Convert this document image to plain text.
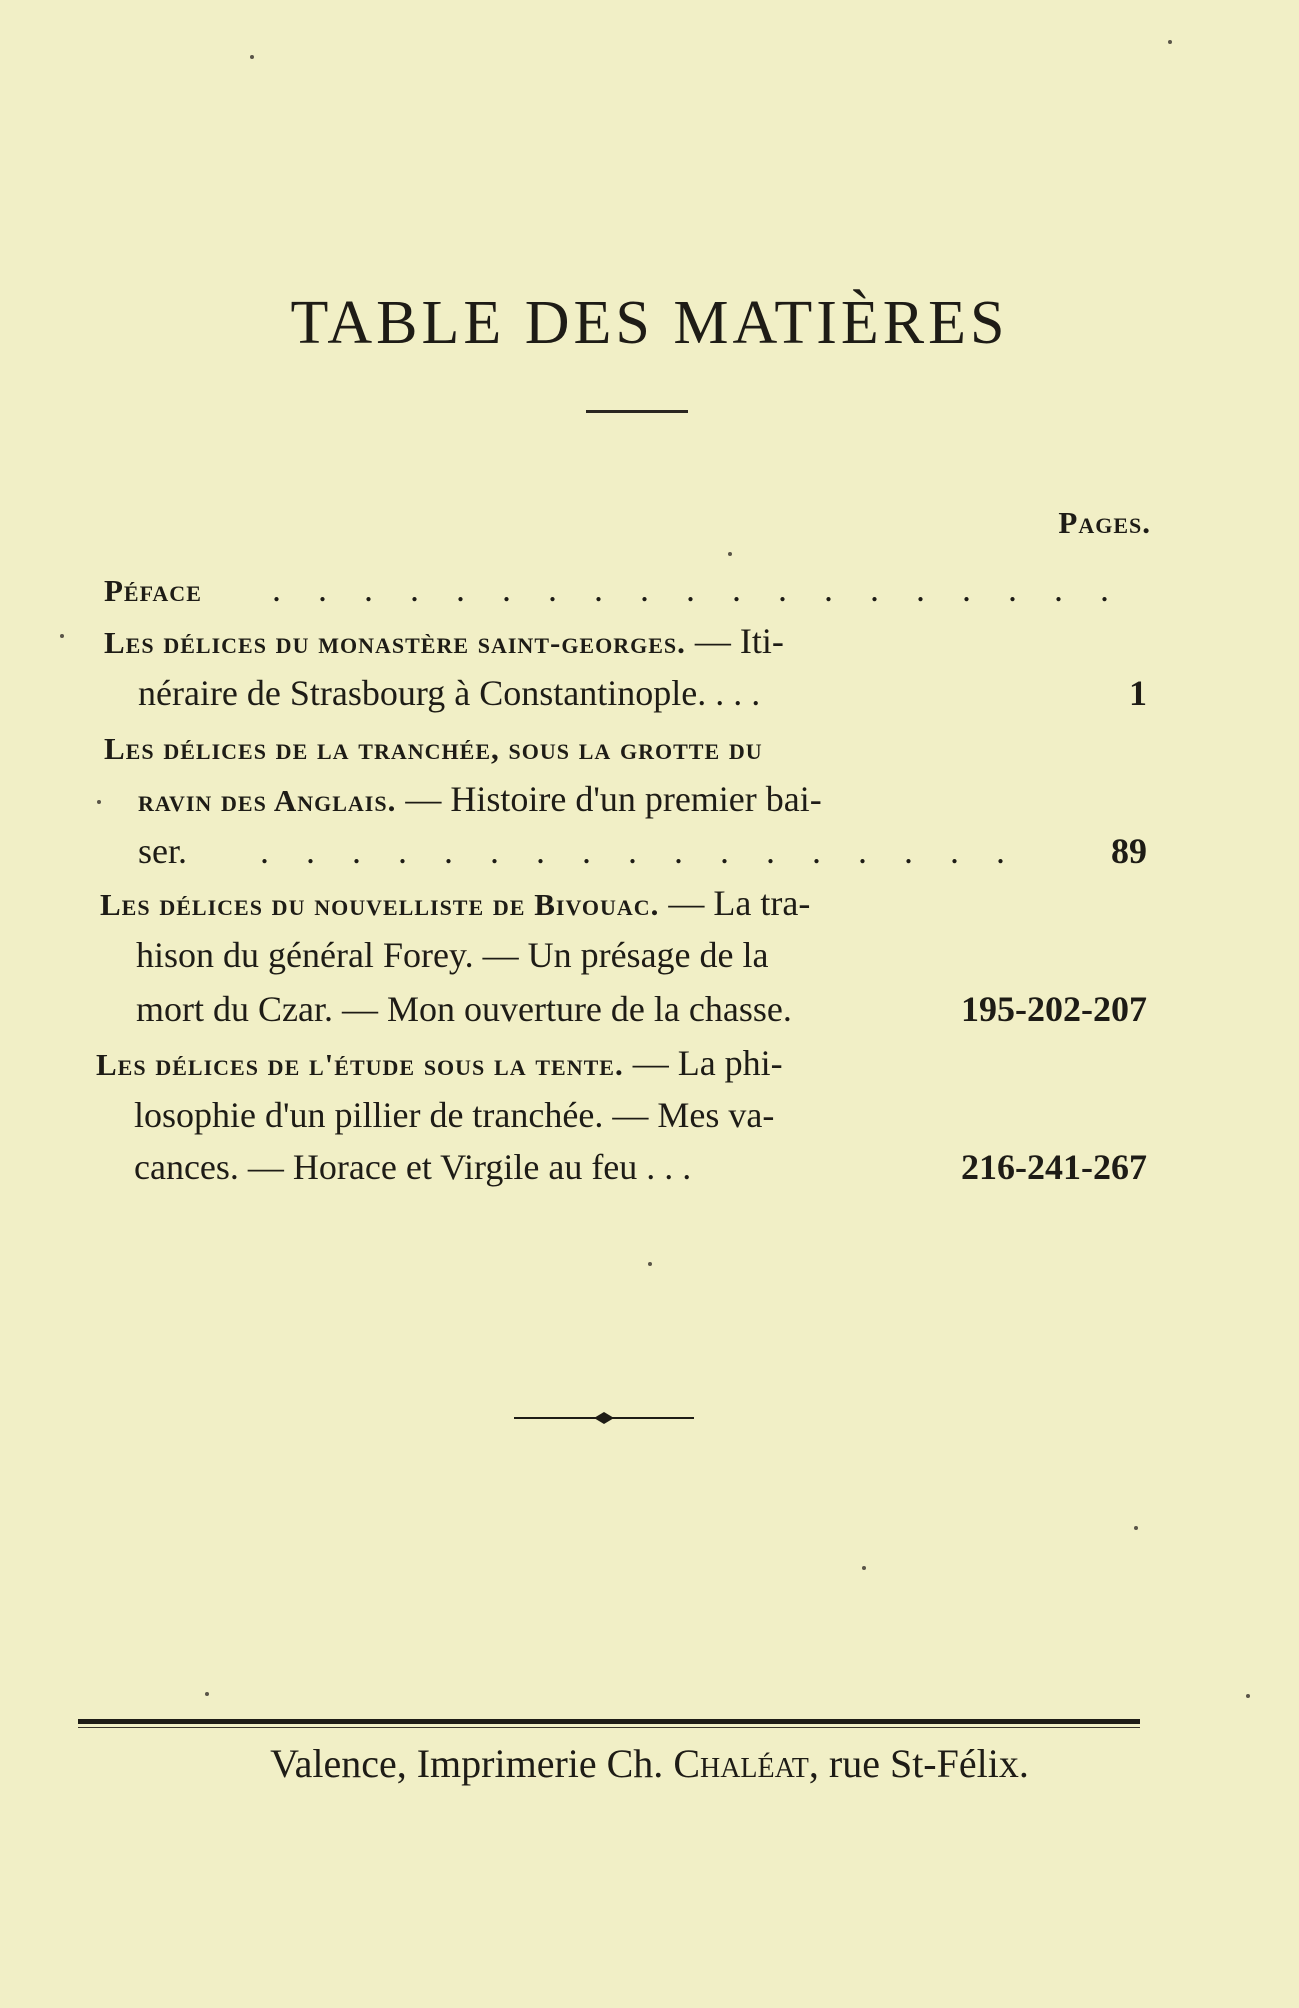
TABLE DES MATIÈRES
Pages.
Péface . . . . . . . . . . . . . . . . . . .
Les délices du monastère saint-georges. — Iti-
néraire de Strasbourg à Constantinople. . . .	1
Les délices de la tranchée, sous la grotte du
ravin des Anglais. — Histoire d'un premier bai-
ser. . . . . . . . . . . . . . . . . .	89
Les délices du nouvelliste de Bivouac. — La tra-
hison du général Forey. — Un présage de la
mort du Czar. — Mon ouverture de la chasse.	195-202-207
Les délices de l'étude sous la tente. — La phi-
losophie d'un pillier de tranchée. — Mes va-
cances. — Horace et Virgile au feu . . .	216-241-267
Valence, Imprimerie Ch. Chaléat, rue St-Félix.
